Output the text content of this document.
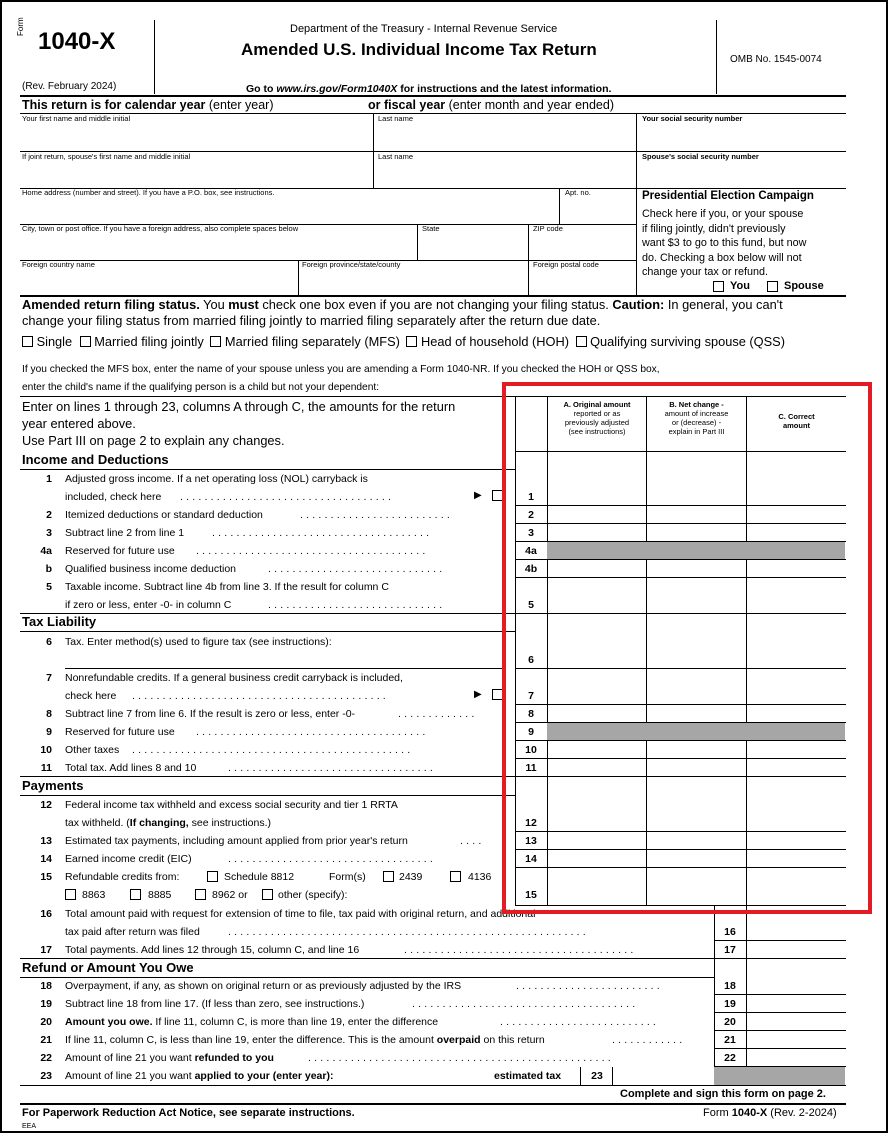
Form
1040-X
(Rev. February 2024)
Department of the Treasury - Internal Revenue Service
Amended U.S. Individual Income Tax Return
OMB No. 1545-0074
Go to www.irs.gov/Form1040X for instructions and the latest information.
This return is for calendar year (enter year)	or fiscal year (enter month and year ended)
Your first name and middle initial	Last name	Your social security number
If joint return, spouse's first name and middle initial	Last name	Spouse's social security number
Home address (number and street). If you have a P.O. box, see instructions.	Apt. no.
City, town or post office. If you have a foreign address, also complete spaces below	State	ZIP code
Foreign country name	Foreign province/state/county	Foreign postal code
Presidential Election Campaign
Check here if you, or your spouse
if filing jointly, didn't previously
want $3 to go to this fund, but now
do. Checking a box below will not
change your tax or refund.
You	Spouse
Amended return filing status. You must check one box even if you are not changing your filing status. Caution: In general, you can't
change your filing status from married filing jointly to married filing separately after the return due date.
Single Married filing jointly Married filing separately (MFS) Head of household (HOH) Qualifying surviving spouse (QSS)
If you checked the MFS box, enter the name of your spouse unless you are amending a Form 1040-NR. If you checked the HOH or QSS box,
enter the child's name if the qualifying person is a child but not your dependent:
Enter on lines 1 through 23, columns A through C, the amounts for the return
year entered above.
Use Part III on page 2 to explain any changes.
A. Original amount
reported or as
previously adjusted
(see instructions)
B. Net change -
amount of increase
or (decrease) -
explain in Part III
C. Correct
amount
Income and Deductions
1 Adjusted gross income. If a net operating loss (NOL) carryback is
included, check here ...................................	▶	1
2 Itemized deductions or standard deduction	.........................	2
3 Subtract line 2 from line 1	....................................	3
4a Reserved for future use ......................................	4a
b Qualified business income deduction	.............................	4b
5 Taxable income. Subtract line 4b from line 3. If the result for column C
if zero or less, enter -0- in column C	.............................	5
Tax Liability
6 Tax. Enter method(s) used to figure tax (see instructions):
6
7 Nonrefundable credits. If a general business credit carryback is included,
check here ..........................................	▶	7
8 Subtract line 7 from line 6. If the result is zero or less, enter -0-	.............	8
9 Reserved for future use ......................................	9
10 Other taxes ..............................................	10
11 Total tax. Add lines 8 and 10	..................................	11
Payments
12 Federal income tax withheld and excess social security and tier 1 RRTA
tax withheld. (If changing, see instructions.)	12
13 Estimated tax payments, including amount applied from prior year's return	....	13
14 Earned income credit (EIC)	..................................	14
15 Refundable credits from:	Schedule 8812	Form(s)	2439	4136
8863	8885	8962 or	other (specify):	15
16 Total amount paid with request for extension of time to file, tax paid with original return, and additional
tax paid after return was filed	...........................................................	16
17 Total payments. Add lines 12 through 15, column C, and line 16	......................................	17
Refund or Amount You Owe
18 Overpayment, if any, as shown on original return or as previously adjusted by the IRS	........................	18
19 Subtract line 18 from line 17. (If less than zero, see instructions.)	.....................................	19
20 Amount you owe. If line 11, column C, is more than line 19, enter the difference	..........................	20
21 If line 11, column C, is less than line 19, enter the difference. This is the amount overpaid on this return	............	21
22 Amount of line 21 you want refunded to you	..................................................	22
23 Amount of line 21 you want applied to your (enter year):	estimated tax	23
Complete and sign this form on page 2.
For Paperwork Reduction Act Notice, see separate instructions.	Form 1040-X (Rev. 2-2024)
EEA
